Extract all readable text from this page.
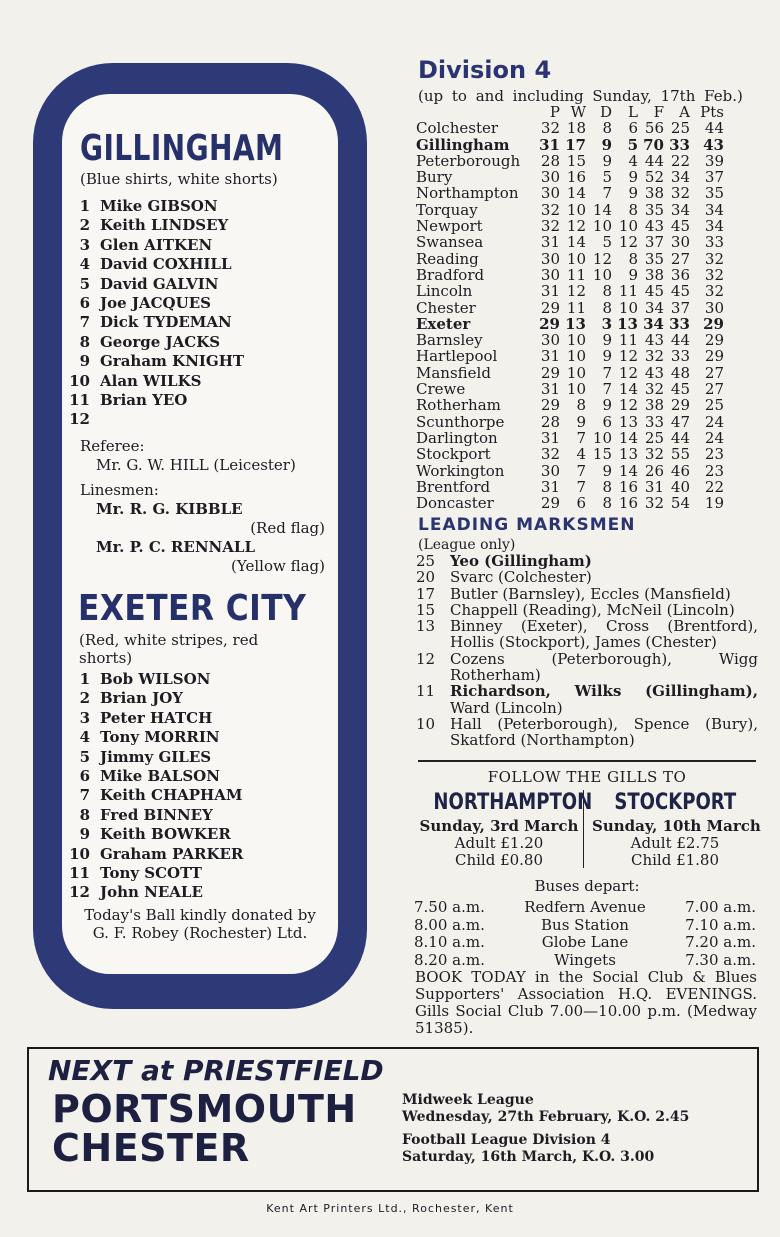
GILLINGHAM
(Blue shirts, white shorts)
1 Mike GIBSON
2 Keith LINDSEY
3 Glen AITKEN
4 David COXHILL
5 David GALVIN
6 Joe JACQUES
7 Dick TYDEMAN
8 George JACKS
9 Graham KNIGHT
10 Alan WILKS
11 Brian YEO
12
Referee:
Mr. G. W. HILL (Leicester)
Linesmen:
Mr. R. G. KIBBLE
(Red flag)
Mr. P. C. RENNALL
(Yellow flag)
EXETER CITY
(Red, white stripes, red shorts)
1 Bob WILSON
2 Brian JOY
3 Peter HATCH
4 Tony MORRIN
5 Jimmy GILES
6 Mike BALSON
7 Keith CHAPHAM
8 Fred BINNEY
9 Keith BOWKER
10 Graham PARKER
11 Tony SCOTT
12 John NEALE
Today's Ball kindly donated by G. F. Robey (Rochester) Ltd.
Division 4
(up to and including Sunday, 17th Feb.)
	P	W	D	L	F	A	Pts
Colchester	32	18	8	6	56	25	44
Gillingham	31	17	9	5	70	33	43
Peterborough	28	15	9	4	44	22	39
Bury	30	16	5	9	52	34	37
Northampton	30	14	7	9	38	32	35
Torquay	32	10	14	8	35	34	34
Newport	32	12	10	10	43	45	34
Swansea	31	14	5	12	37	30	33
Reading	30	10	12	8	35	27	32
Bradford	30	11	10	9	38	36	32
Lincoln	31	12	8	11	45	45	32
Chester	29	11	8	10	34	37	30
Exeter	29	13	3	13	34	33	29
Barnsley	30	10	9	11	43	44	29
Hartlepool	31	10	9	12	32	33	29
Mansfield	29	10	7	12	43	48	27
Crewe	31	10	7	14	32	45	27
Rotherham	29	8	9	12	38	29	25
Scunthorpe	28	9	6	13	33	47	24
Darlington	31	7	10	14	25	44	24
Stockport	32	4	15	13	32	55	23
Workington	30	7	9	14	26	46	23
Brentford	31	7	8	16	31	40	22
Doncaster	29	6	8	16	32	54	19
LEADING MARKSMEN
(League only)
25 Yeo (Gillingham)
20 Svarc (Colchester)
17 Butler (Barnsley), Eccles (Mansfield)
15 Chappell (Reading), McNeil (Lincoln)
13 Binney (Exeter), Cross (Brentford), Hollis (Stockport), James (Chester)
12 Cozens (Peterborough), Wigg Rotherham)
11 Richardson, Wilks (Gillingham), Ward (Lincoln)
10 Hall (Peterborough), Spence (Bury), Skatford (Northampton)
FOLLOW THE GILLS TO
NORTHAMPTON
Sunday, 3rd March
Adult £1.20
Child £0.80
STOCKPORT
Sunday, 10th March
Adult £2.75
Child £1.80
Buses depart:
7.50 a.m.	Redfern Avenue	7.00 a.m.
8.00 a.m.	Bus Station	7.10 a.m.
8.10 a.m.	Globe Lane	7.20 a.m.
8.20 a.m.	Wingets	7.30 a.m.
BOOK TODAY in the Social Club & Blues Supporters' Association H.Q. EVENINGS. Gills Social Club 7.00—10.00 p.m. (Medway 51385).
NEXT at PRIESTFIELD
PORTSMOUTH
CHESTER
Midweek League
Wednesday, 27th February, K.O. 2.45
Football League Division 4
Saturday, 16th March, K.O. 3.00
Kent Art Printers Ltd., Rochester, Kent
